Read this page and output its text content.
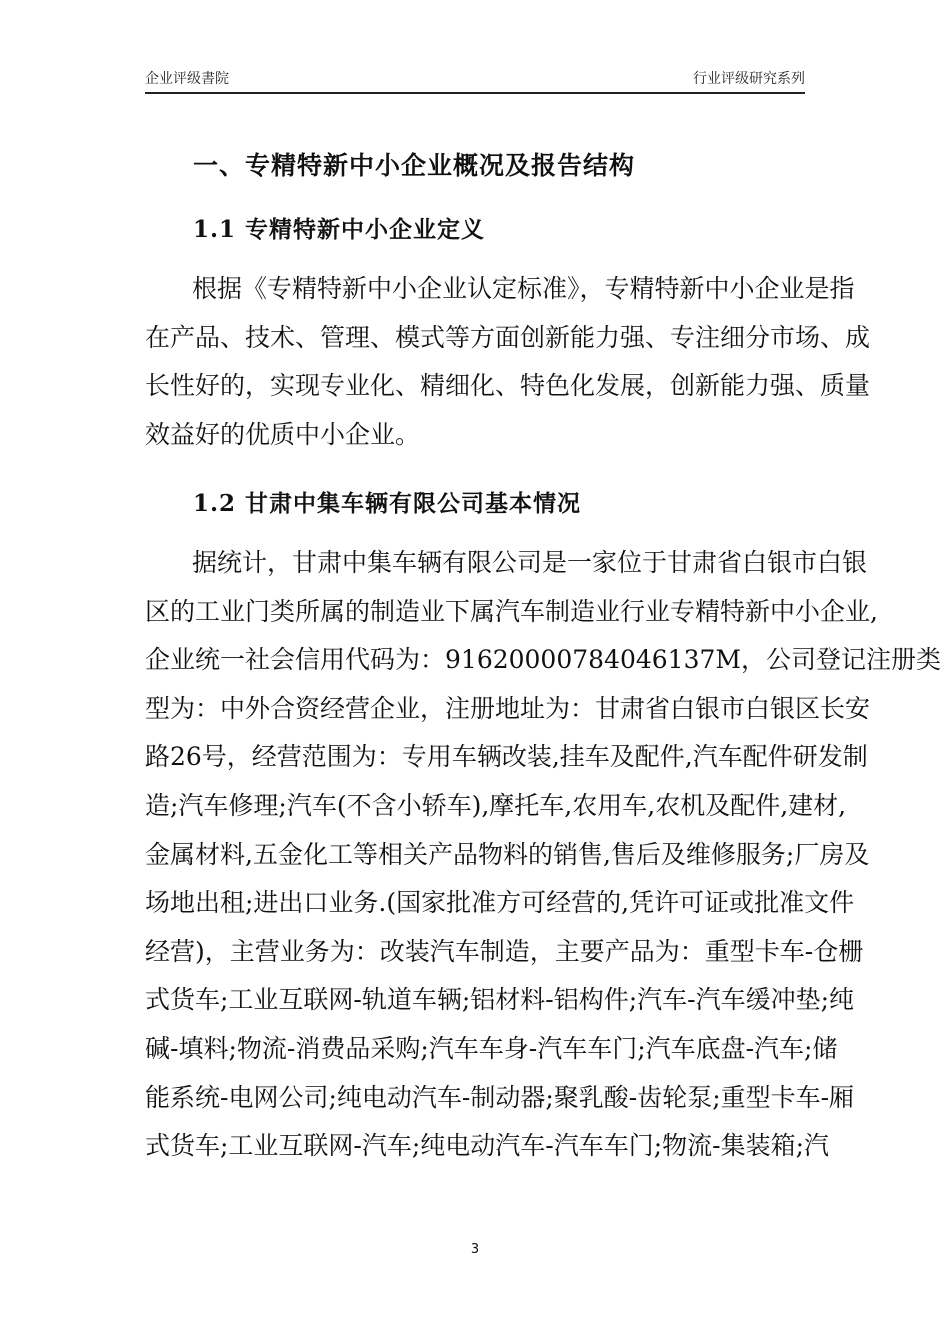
企业评级書院	行业评级研究系列
一、专精特新中小企业概况及报告结构
1.1 专精特新中小企业定义
根据《专精特新中小企业认定标准》，专精特新中小企业是指
在产品、技术、管理、模式等方面创新能力强、专注细分市场、成
长性好的，实现专业化、精细化、特色化发展，创新能力强、质量
效益好的优质中小企业。
1.2 甘肃中集车辆有限公司基本情况
据统计，甘肃中集车辆有限公司是一家位于甘肃省白银市白银
区的工业门类所属的制造业下属汽车制造业行业专精特新中小企业,
企业统一社会信用代码为：91620000784046137M，公司登记注册类
型为：中外合资经营企业，注册地址为：甘肃省白银市白银区长安
路26号，经营范围为：专用车辆改装,挂车及配件,汽车配件研发制
造;汽车修理;汽车(不含小轿车),摩托车,农用车,农机及配件,建材,
金属材料,五金化工等相关产品物料的销售,售后及维修服务;厂房及
场地出租;进出口业务.(国家批准方可经营的,凭许可证或批准文件
经营)，主营业务为：改装汽车制造，主要产品为：重型卡车-仓栅
式货车;工业互联网-轨道车辆;铝材料-铝构件;汽车-汽车缓冲垫;纯
碱-填料;物流-消费品采购;汽车车身-汽车车门;汽车底盘-汽车;储
能系统-电网公司;纯电动汽车-制动器;聚乳酸-齿轮泵;重型卡车-厢
式货车;工业互联网-汽车;纯电动汽车-汽车车门;物流-集装箱;汽
3
